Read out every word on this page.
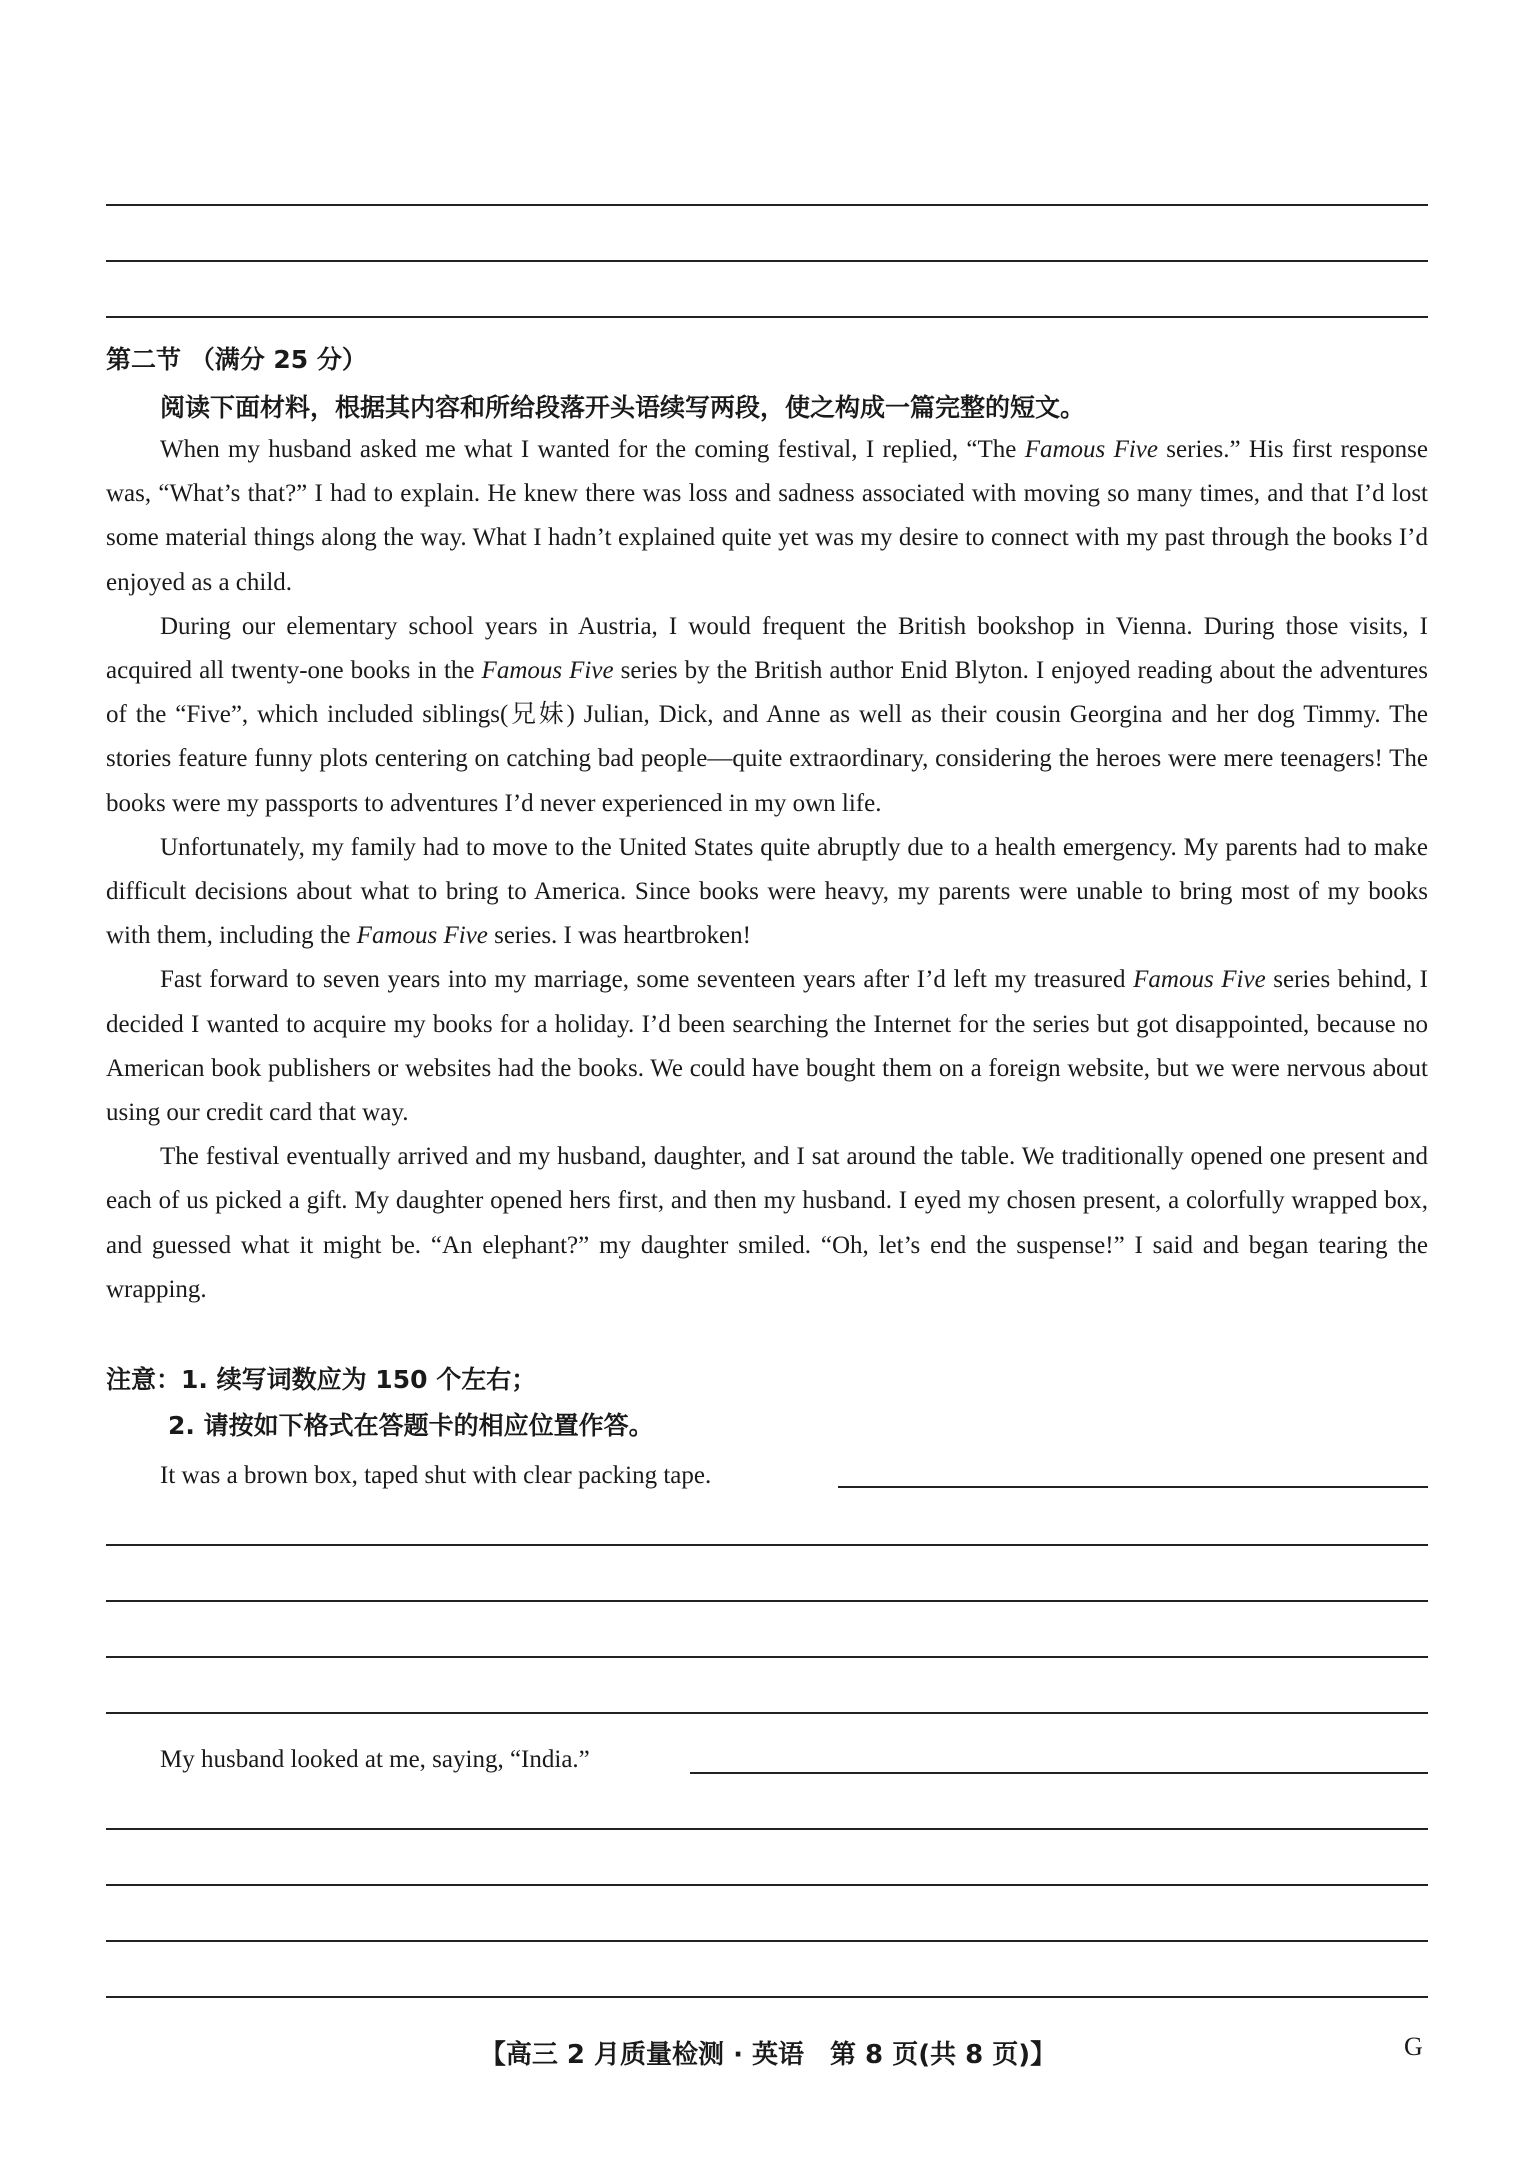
第二节 （满分 25 分）
阅读下面材料，根据其内容和所给段落开头语续写两段，使之构成一篇完整的短文。

When my husband asked me what I wanted for the coming festival, I replied, “The Famous Five series.” His first response was, “What’s that?” I had to explain. He knew there was loss and sadness associated with moving so many times, and that I’d lost some material things along the way. What I hadn’t explained quite yet was my desire to connect with my past through the books I’d enjoyed as a child.

During our elementary school years in Austria, I would frequent the British bookshop in Vienna. During those visits, I acquired all twenty-one books in the Famous Five series by the British author Enid Blyton. I enjoyed reading about the adventures of the “Five”, which included siblings(兄妹) Julian, Dick, and Anne as well as their cousin Georgina and her dog Timmy. The stories feature funny plots centering on catching bad people—quite extraordinary, considering the heroes were mere teenagers! The books were my passports to adventures I’d never experienced in my own life.

Unfortunately, my family had to move to the United States quite abruptly due to a health emergency. My parents had to make difficult decisions about what to bring to America. Since books were heavy, my parents were unable to bring most of my books with them, including the Famous Five series. I was heartbroken!

Fast forward to seven years into my marriage, some seventeen years after I’d left my treasured Famous Five series behind, I decided I wanted to acquire my books for a holiday. I’d been searching the Internet for the series but got disappointed, because no American book publishers or websites had the books. We could have bought them on a foreign website, but we were nervous about using our credit card that way.

The festival eventually arrived and my husband, daughter, and I sat around the table. We traditionally opened one present and each of us picked a gift. My daughter opened hers first, and then my husband. I eyed my chosen present, a colorfully wrapped box, and guessed what it might be. “An elephant?” my daughter smiled. “Oh, let’s end the suspense!” I said and began tearing the wrapping.

注意：1. 续写词数应为 150 个左右；
2. 请按如下格式在答题卡的相应位置作答。
It was a brown box, taped shut with clear packing tape.
My husband looked at me, saying, “India.”
【高三 2 月质量检测 · 英语　第 8 页(共 8 页)】	G
